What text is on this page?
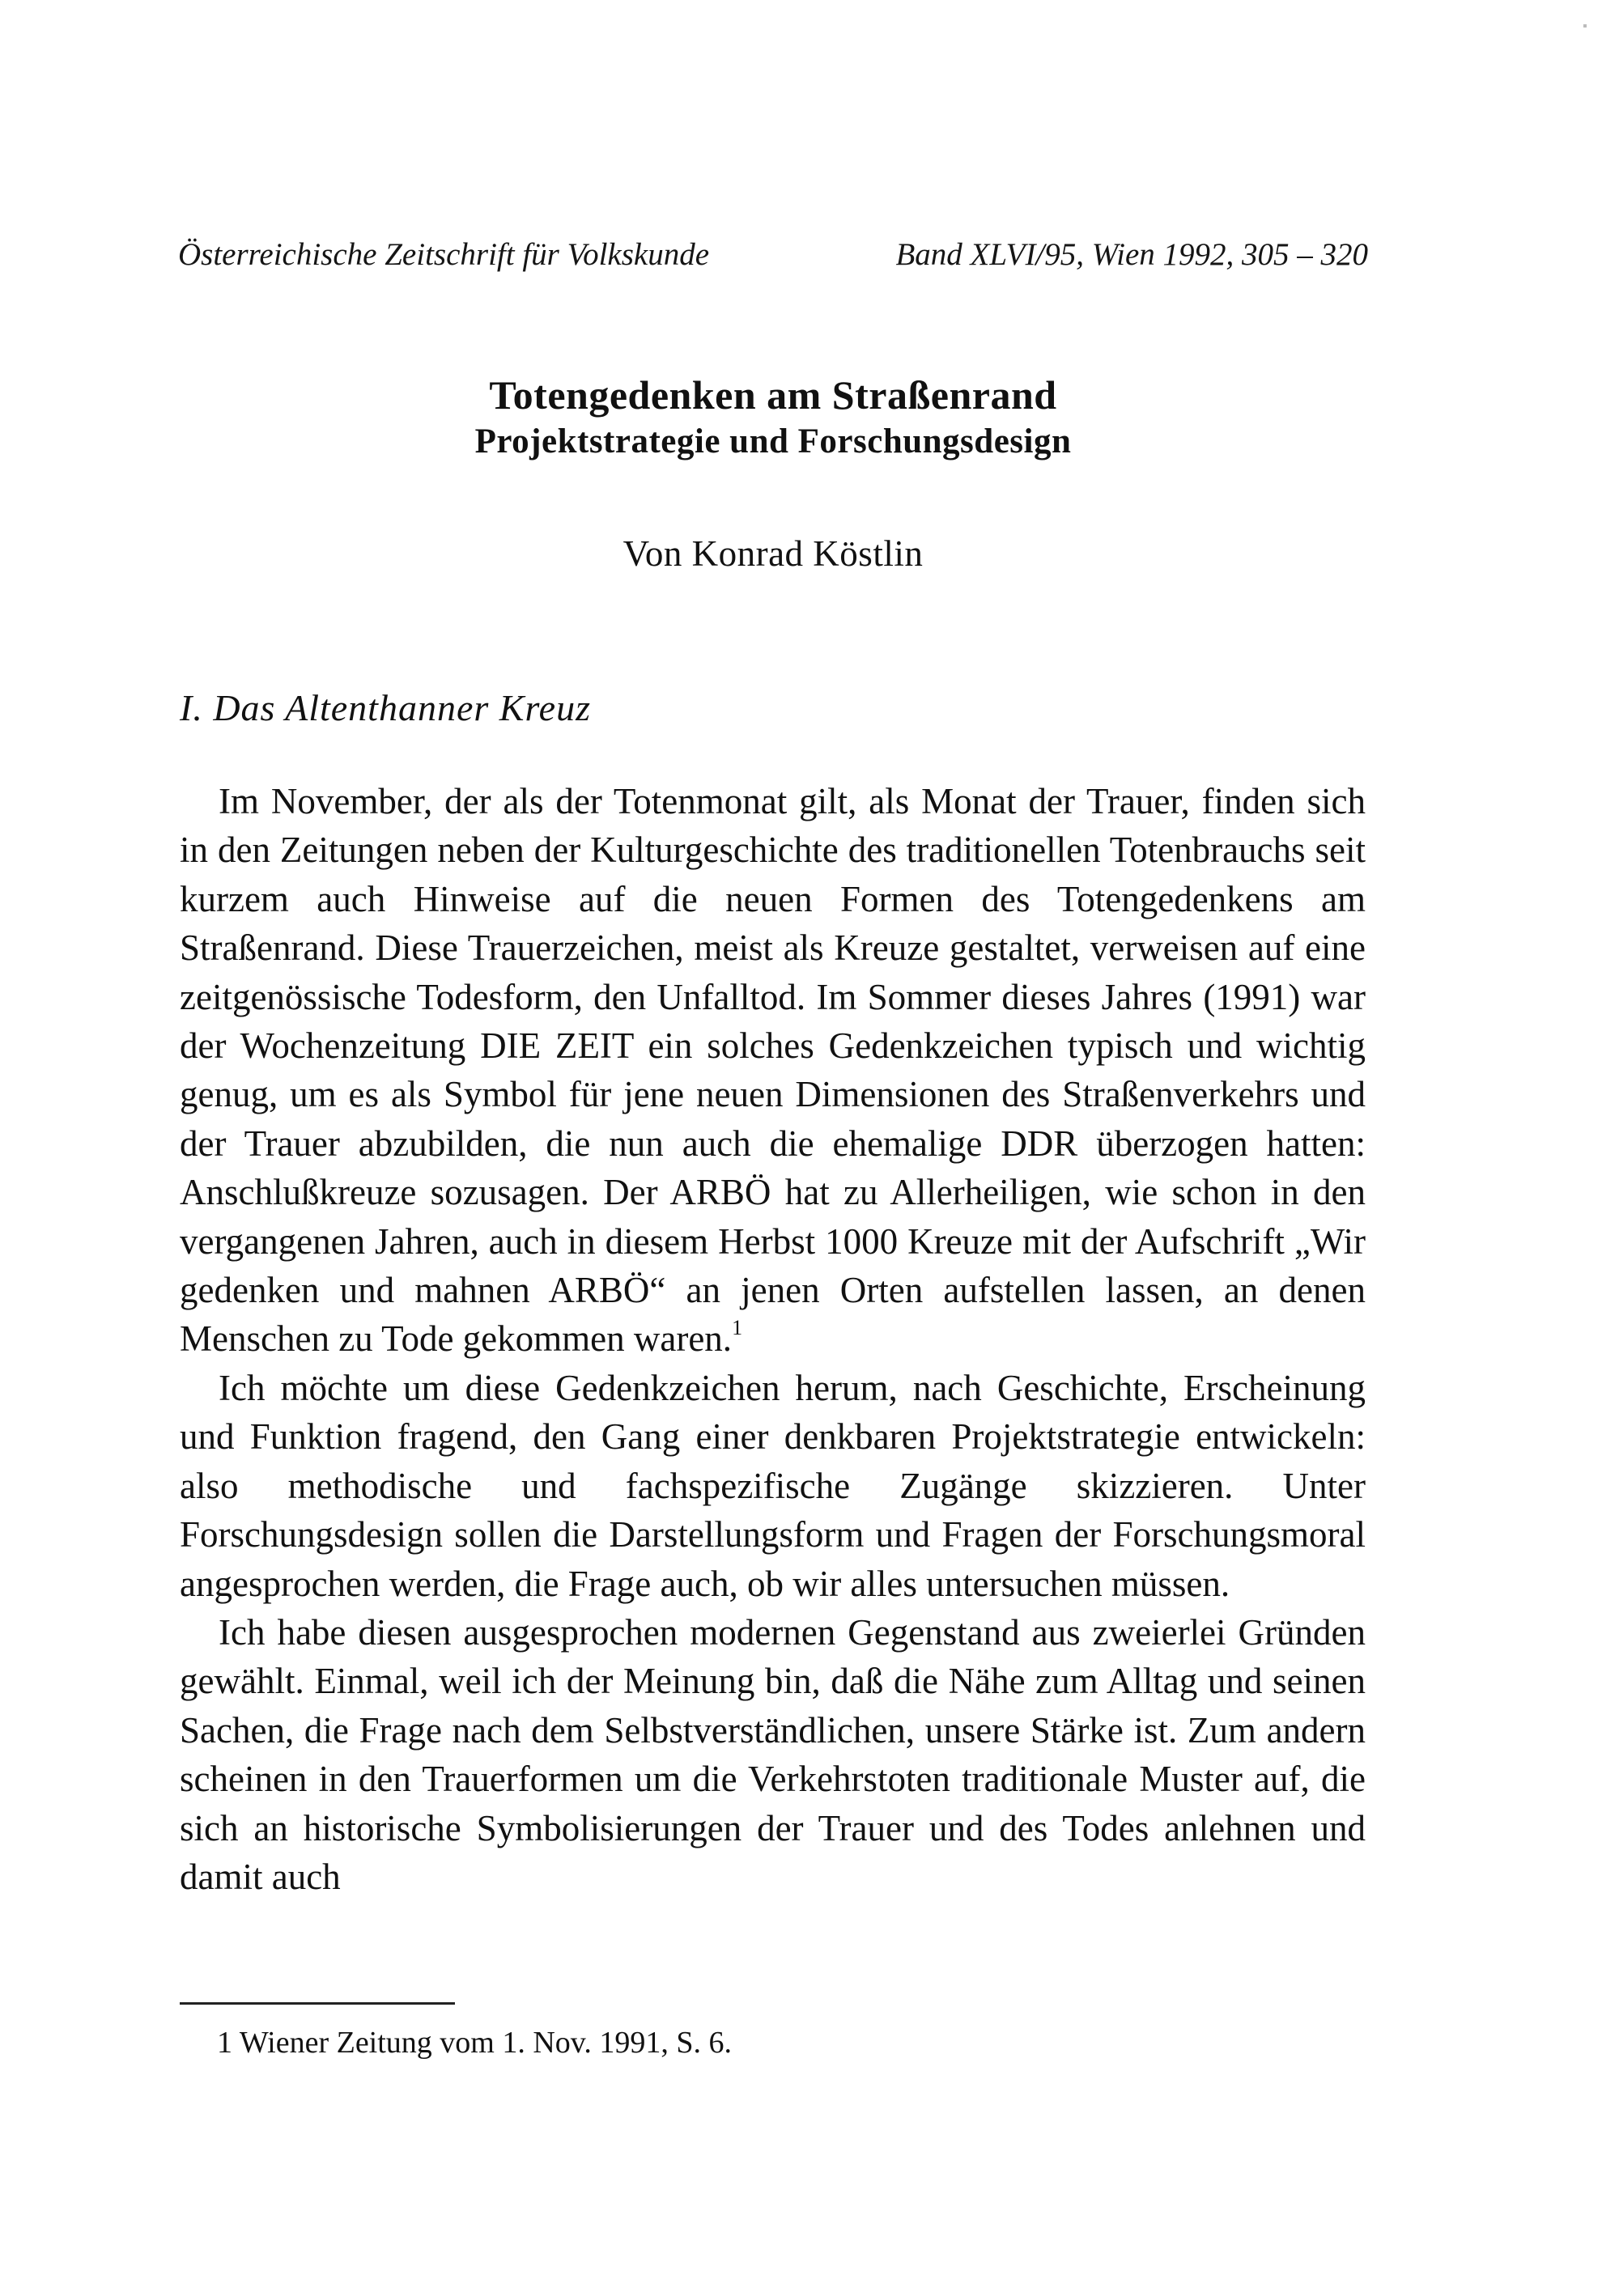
Österreichische Zeitschrift für Volkskunde	Band XLVI/95, Wien 1992, 305 – 320
Totengedenken am Straßenrand
Projektstrategie und Forschungsdesign
Von Konrad Köstlin
I. Das Altenthanner Kreuz

Im November, der als der Totenmonat gilt, als Monat der Trauer, finden sich in den Zeitungen neben der Kulturgeschichte des traditionellen Totenbrauchs seit kurzem auch Hinweise auf die neuen Formen des Totengedenkens am Straßenrand. Diese Trauerzeichen, meist als Kreuze gestaltet, verweisen auf eine zeitgenössische Todesform, den Unfalltod. Im Sommer dieses Jahres (1991) war der Wochenzeitung DIE ZEIT ein solches Gedenkzeichen typisch und wichtig genug, um es als Symbol für jene neuen Dimensionen des Straßenverkehrs und der Trauer abzubilden, die nun auch die ehemalige DDR überzogen hatten: Anschlußkreuze sozusagen. Der ARBÖ hat zu Allerheiligen, wie schon in den vergangenen Jahren, auch in diesem Herbst 1000 Kreuze mit der Aufschrift „Wir gedenken und mahnen ARBÖ“ an jenen Orten aufstellen lassen, an denen Menschen zu Tode gekommen waren.$^1$

Ich möchte um diese Gedenkzeichen herum, nach Geschichte, Erscheinung und Funktion fragend, den Gang einer denkbaren Projektstrategie entwickeln: also methodische und fachspezifische Zugänge skizzieren. Unter Forschungsdesign sollen die Darstellungsform und Fragen der Forschungsmoral angesprochen werden, die Frage auch, ob wir alles untersuchen müssen.

Ich habe diesen ausgesprochen modernen Gegenstand aus zweierlei Gründen gewählt. Einmal, weil ich der Meinung bin, daß die Nähe zum Alltag und seinen Sachen, die Frage nach dem Selbstverständlichen, unsere Stärke ist. Zum andern scheinen in den Trauerformen um die Verkehrstoten traditionale Muster auf, die sich an historische Symbolisierungen der Trauer und des Todes anlehnen und damit auch

1 Wiener Zeitung vom 1. Nov. 1991, S. 6.
